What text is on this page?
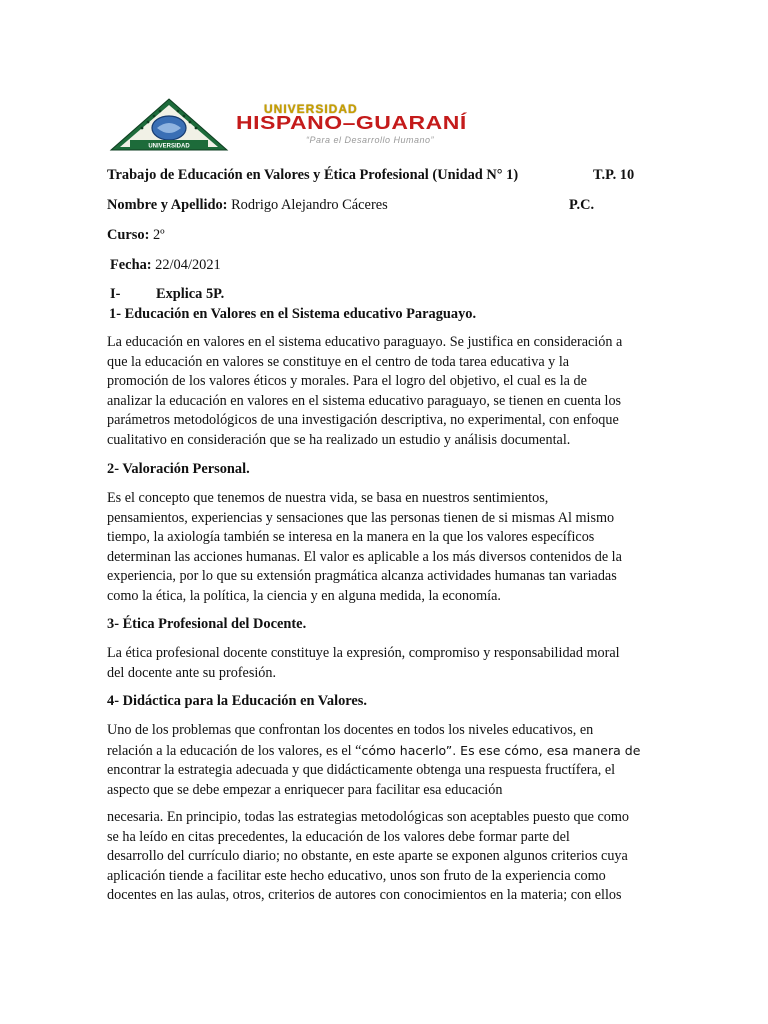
UNIVERSIDAD
UNIVERSIDAD
HISPANO–GUARANÍ
“Para el Desarrollo Humano”
Trabajo de Educación en Valores y Ética Profesional (Unidad N° 1)	T.P. 10
Nombre y Apellido: Rodrigo Alejandro Cáceres	P.C.
Curso: 2º
Fecha: 22/04/2021
I- Explica 5P.
1- Educación en Valores en el Sistema educativo Paraguayo.

La educación en valores en el sistema educativo paraguayo. Se justifica en consideración a

que la educación en valores se constituye en el centro de toda tarea educativa y la

promoción de los valores éticos y morales. Para el logro del objetivo, el cual es la de

analizar la educación en valores en el sistema educativo paraguayo, se tienen en cuenta los

parámetros metodológicos de una investigación descriptiva, no experimental, con enfoque

cualitativo en consideración que se ha realizado un estudio y análisis documental.

2- Valoración Personal.

Es el concepto que tenemos de nuestra vida, se basa en nuestros sentimientos,

pensamientos, experiencias y sensaciones que las personas tienen de si mismas Al mismo

tiempo, la axiología también se interesa en la manera en la que los valores específicos

determinan las acciones humanas. El valor es aplicable a los más diversos contenidos de la

experiencia, por lo que su extensión pragmática alcanza actividades humanas tan variadas

como la ética, la política, la ciencia y en alguna medida, la economía.

3- Ética Profesional del Docente.

La ética profesional docente constituye la expresión, compromiso y responsabilidad moral

del docente ante su profesión.

4- Didáctica para la Educación en Valores.

Uno de los problemas que confrontan los docentes en todos los niveles educativos, en

relación a la educación de los valores, es el “cómo hacerlo”. Es ese cómo, esa manera de

encontrar la estrategia adecuada y que didácticamente obtenga una respuesta fructífera, el

aspecto que se debe empezar a enriquecer para facilitar esa educación

necesaria. En principio, todas las estrategias metodológicas son aceptables puesto que como

se ha leído en citas precedentes, la educación de los valores debe formar parte del

desarrollo del currículo diario; no obstante, en este aparte se exponen algunos criterios cuya

aplicación tiende a facilitar este hecho educativo, unos son fruto de la experiencia como

docentes en las aulas, otros, criterios de autores con conocimientos en la materia; con ellos
